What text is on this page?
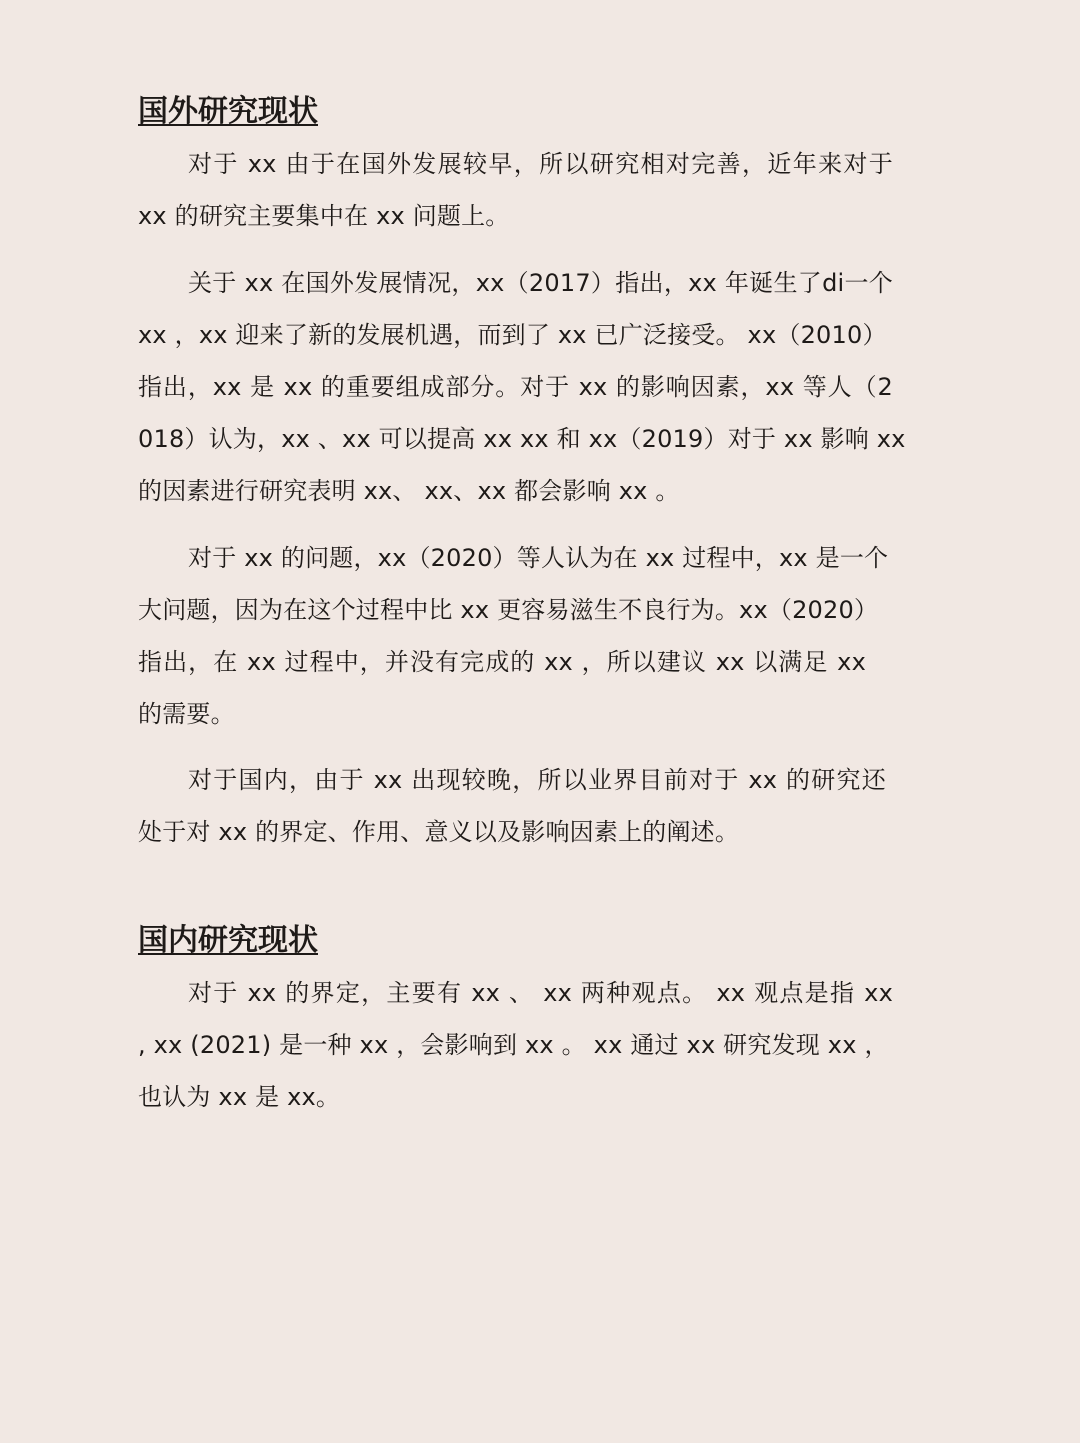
国外研究现状
对于 xx 由于在国外发展较早，所以研究相对完善，近年来对于
xx 的研究主要集中在 xx 问题上。
关于 xx 在国外发展情况，xx（2017）指出，xx 年诞生了di一个
xx ，xx 迎来了新的发展机遇，而到了 xx 已广泛接受。 xx（2010）
指出，xx 是 xx 的重要组成部分。对于 xx 的影响因素，xx 等人（2
018）认为，xx 、xx 可以提高 xx xx 和 xx（2019）对于 xx 影响 xx
的因素进行研究表明 xx、 xx、xx 都会影响 xx 。
对于 xx 的问题，xx（2020）等人认为在 xx 过程中，xx 是一个
大问题，因为在这个过程中比 xx 更容易滋生不良行为。xx（2020）
指出，在 xx 过程中，并没有完成的 xx ，所以建议 xx 以满足 xx
的需要。
对于国内，由于 xx 出现较晚，所以业界目前对于 xx 的研究还
处于对 xx 的界定、作用、意义以及影响因素上的阐述。
国内研究现状
对于 xx 的界定，主要有 xx 、 xx 两种观点。 xx 观点是指 xx
, xx (2021) 是一种 xx ，会影响到 xx 。 xx 通过 xx 研究发现 xx ，
也认为 xx 是 xx。
